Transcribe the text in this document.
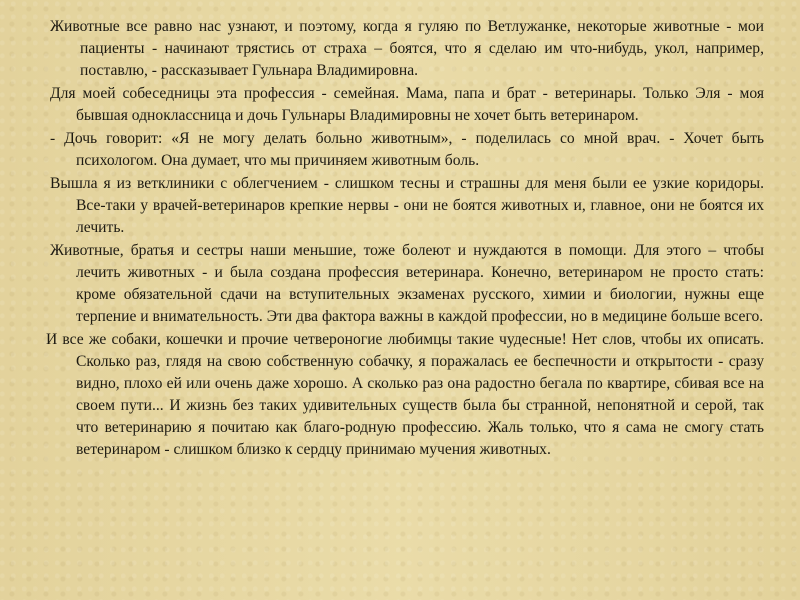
Животные все равно нас узнают, и поэтому, когда я гуляю по Ветлужанке, некоторые животные - мои пациенты - начинают трястись от страха – боятся, что я сделаю им что-нибудь, укол, например, поставлю, - рассказывает Гульнара Владимировна.

Для моей собеседницы эта профессия - семейная. Мама, папа и брат - ветеринары. Только Эля - моя бывшая одноклассница и дочь Гульнары Владимировны не хочет быть ветеринаром.

- Дочь говорит: «Я не могу делать больно животным», - поделилась со мной врач. - Хочет быть психологом. Она думает, что мы причиняем животным боль.

Вышла я из ветклиники с облегчением - слишком тесны и страшны для меня были ее узкие коридоры. Все-таки у врачей-ветеринаров крепкие нервы - они не боятся животных и, главное, они не боятся их лечить.

Животные, братья и сестры наши меньшие, тоже болеют и нуждаются в помощи. Для этого – чтобы лечить животных - и была создана профессия ветеринара. Конечно, ветеринаром не просто стать: кроме обязательной сдачи на вступительных экзаменах русского, химии и биологии, нужны еще терпение и внимательность. Эти два фактора важны в каждой профессии, но в медицине больше всего.

И все же собаки, кошечки и прочие четвероногие любимцы такие чудесные! Нет слов, чтобы их описать. Сколько раз, глядя на свою собственную собачку, я поражалась ее беспечности и открытости - сразу видно, плохо ей или очень даже хорошо. А сколько раз она радостно бегала по квартире, сбивая все на своем пути... И жизнь без таких удивительных существ была бы странной, непонятной и серой, так что ветеринарию я почитаю как благо-родную профессию. Жаль только, что я сама не смогу стать ветеринаром - слишком близко к сердцу принимаю мучения животных.
